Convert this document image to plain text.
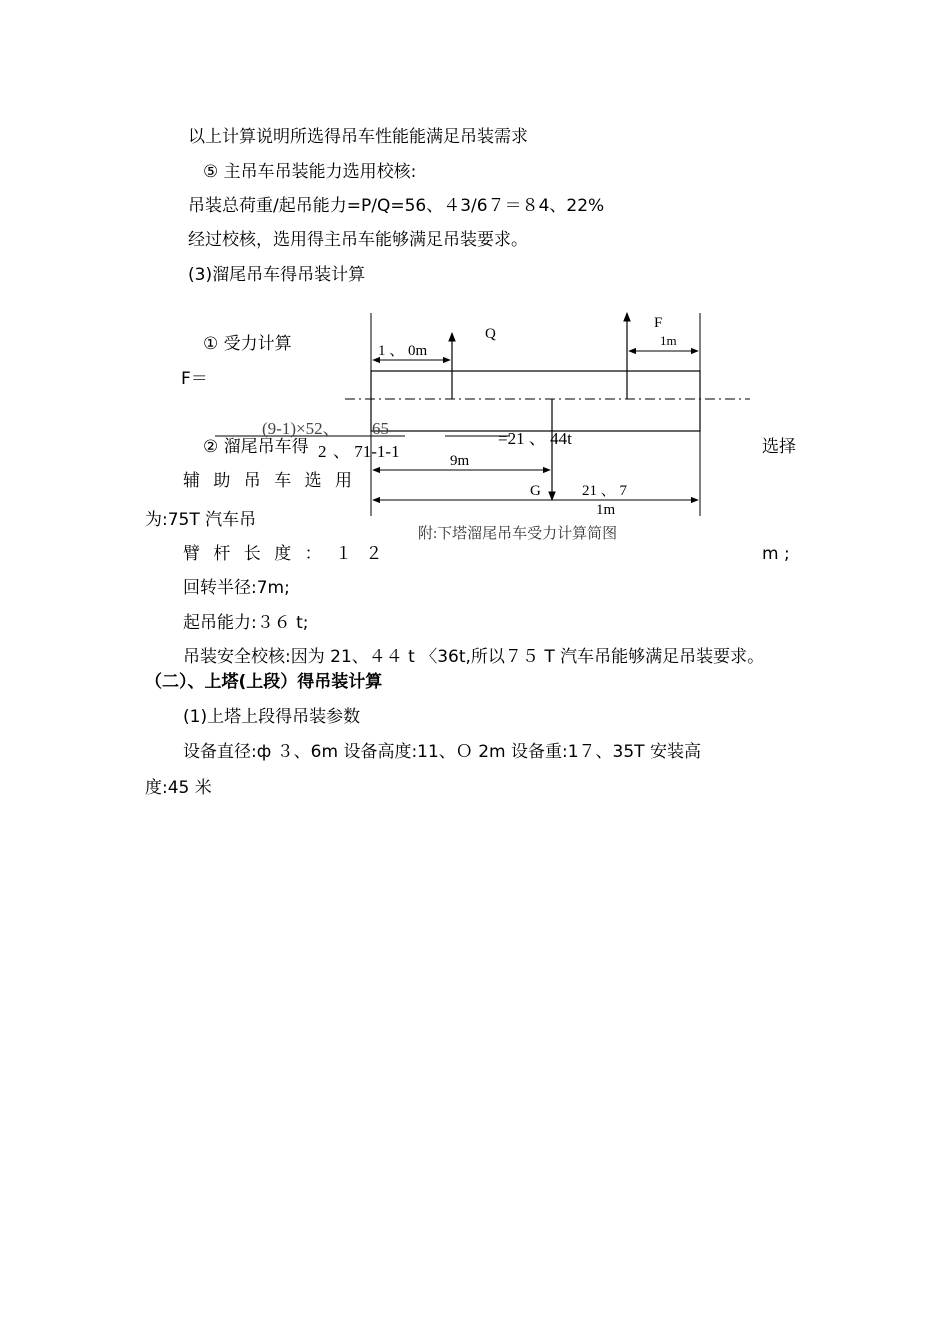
Q
F
G
1 、 0m
1m
9m
21 、 7
1m
附:下塔溜尾吊车受力计算简图
(9-1)×52、 65
2 、 71-1-1
=21 、 44t
以上计算说明所选得吊车性能能满足吊装需求
⑤ 主吊车吊装能力选用校核:
吊装总荷重/起吊能力=P/Q=56、４3/6７＝８4、22%
经过校核，选用得主吊车能够满足吊装要求。
(3)溜尾吊车得吊装计算
① 受力计算
F＝
② 溜尾吊车得	选择
辅 助 吊 车 选 用
为:75T 汽车吊
臂 杆 长 度 ： １ ２	m ;
回转半径:7m;
起吊能力:３６ t;
吊装安全校核:因为 21、４４ t 〈36t,所以７５ T 汽车吊能够满足吊装要求。
（二）、上塔(上段）得吊装计算
(1)上塔上段得吊装参数
设备直径:ф ３、6m 设备高度:11、Ｏ 2m 设备重:1７、35T 安装高
度:45 米
